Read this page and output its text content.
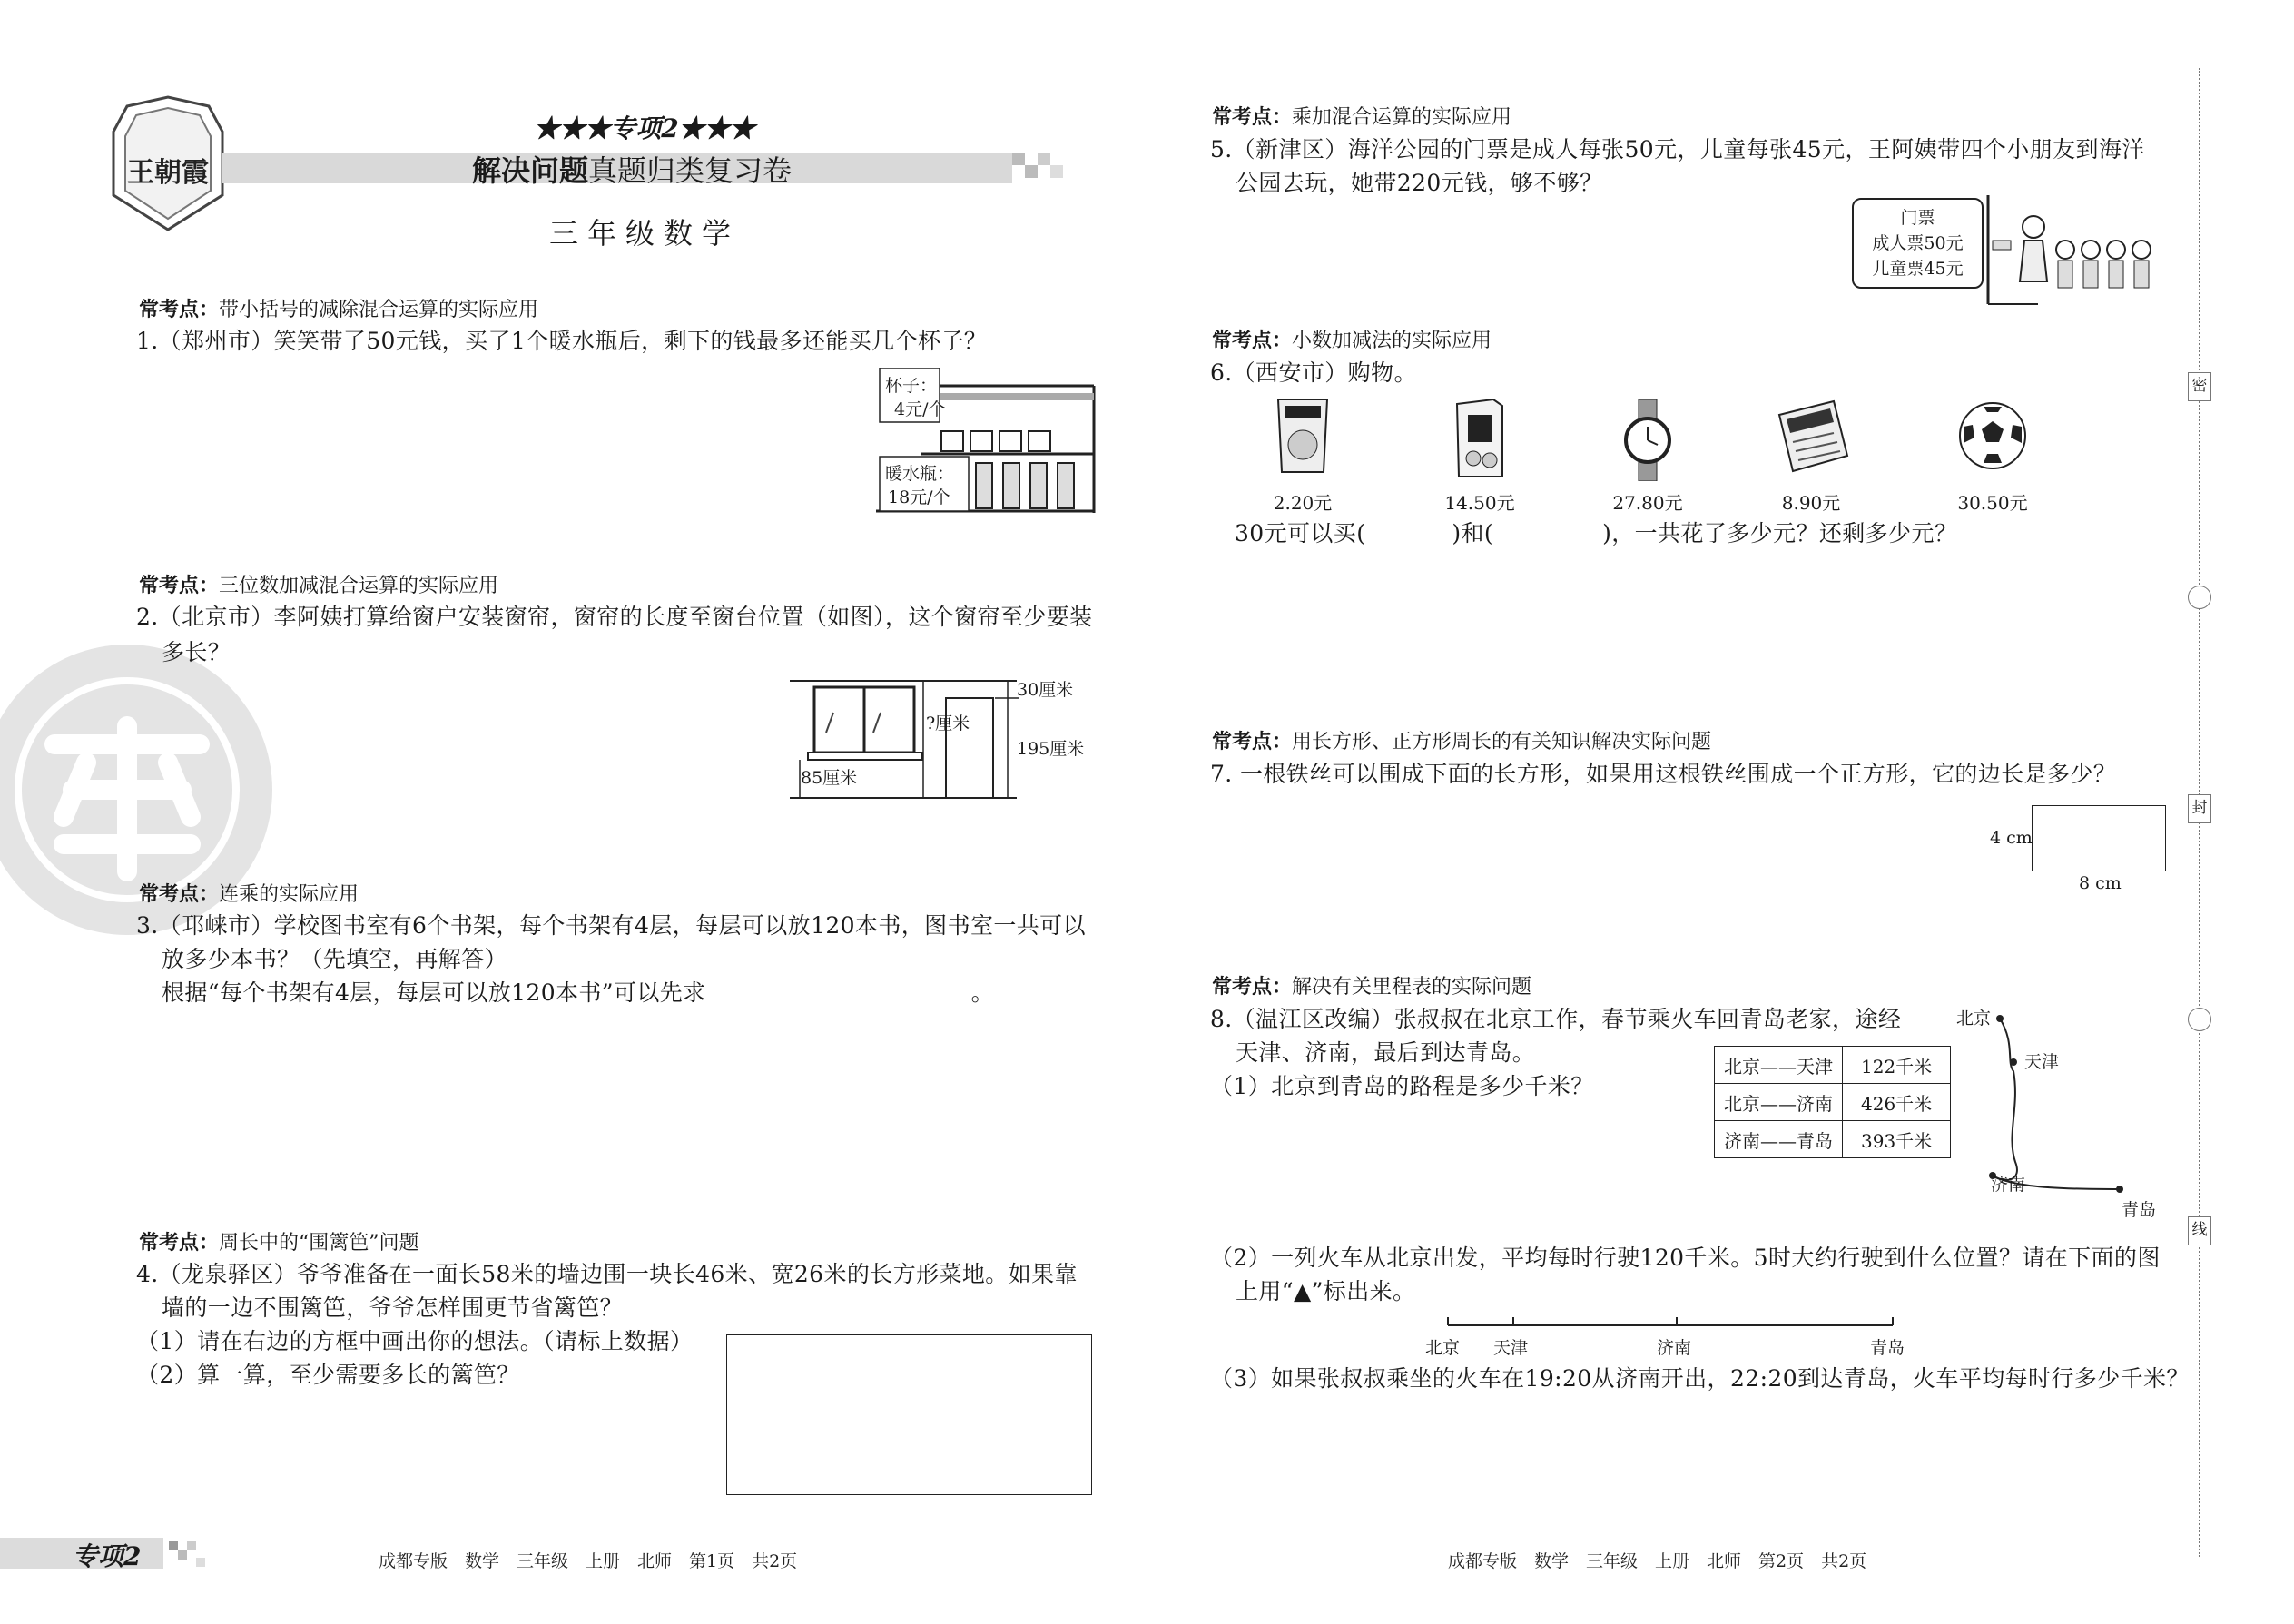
王朝霞
★★★专项2★★★
解决问题真题归类复习卷
三年级数学
常考点：带小括号的减除混合运算的实际应用
1.（郑州市）笑笑带了50元钱，买了1个暖水瓶后，剩下的钱最多还能买几个杯子？
杯子：
4元/个
暖水瓶：
18元/个
常考点：三位数加减混合运算的实际应用
2.（北京市）李阿姨打算给窗户安装窗帘，窗帘的长度至窗台位置（如图），这个窗帘至少要装
多长？
30厘米
?厘米
195厘米
85厘米
常考点：连乘的实际应用
3.（邛崃市）学校图书室有6个书架，每个书架有4层，每层可以放120本书，图书室一共可以
放多少本书？（先填空，再解答）
根据“每个书架有4层，每层可以放120本书”可以先求	。
常考点：周长中的“围篱笆”问题
4.（龙泉驿区）爷爷准备在一面长58米的墙边围一块长46米、宽26米的长方形菜地。如果靠
墙的一边不围篱笆，爷爷怎样围更节省篱笆？
（1）请在右边的方框中画出你的想法。（请标上数据）
（2）算一算，至少需要多长的篱笆？
专项2	成都专版　数学　三年级　上册　北师　第1页　共2页
常考点：乘加混合运算的实际应用
5.（新津区）海洋公园的门票是成人每张50元，儿童每张45元，王阿姨带四个小朋友到海洋
公园去玩，她带220元钱，够不够？
门票
成人票50元
儿童票45元
常考点：小数加减法的实际应用
6.（西安市）购物。
2.20元	14.50元	27.80元	8.90元	30.50元
30元可以买(	)和(	)，一共花了多少元？还剩多少元？
常考点：用长方形、正方形周长的有关知识解决实际问题
7. 一根铁丝可以围成下面的长方形，如果用这根铁丝围成一个正方形，它的边长是多少？
4 cm
8 cm
常考点：解决有关里程表的实际问题
8.（温江区改编）张叔叔在北京工作，春节乘火车回青岛老家，途经
天津、济南，最后到达青岛。
（1）北京到青岛的路程是多少千米？
北京——天津	122千米
北京——济南	426千米
济南——青岛	393千米
北京
天津
济南
青岛
（2）一列火车从北京出发，平均每时行驶120千米。5时大约行驶到什么位置？请在下面的图
上用“▲”标出来。
北京 天津	济南	青岛
（3）如果张叔叔乘坐的火车在19:20从济南开出，22:20到达青岛，火车平均每时行多少千米？
成都专版　数学　三年级　上册　北师　第2页　共2页
密
封
线
